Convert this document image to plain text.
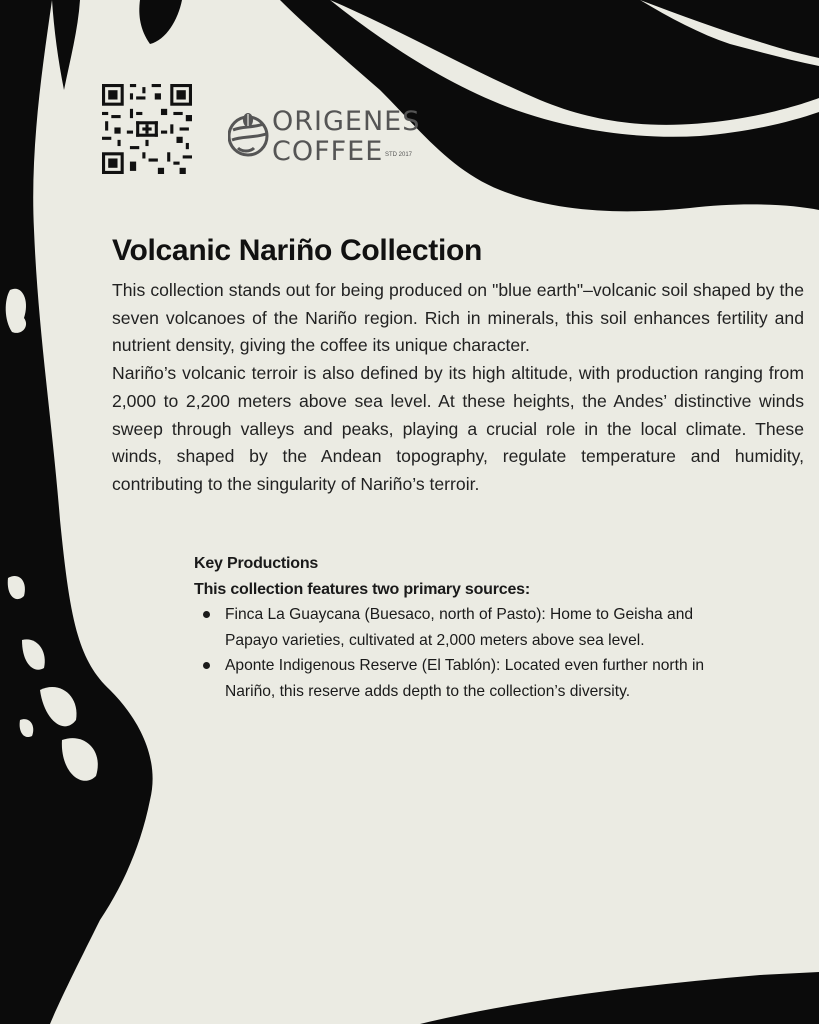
ORIGENES
COFFEE STD 2017
Volcanic Nariño Collection

This collection stands out for being produced on "blue earth"–volcanic soil shaped by the seven volcanoes of the Nariño region. Rich in minerals, this soil enhances fertility and nutrient density, giving the coffee its unique character.

Nariño’s volcanic terroir is also defined by its high altitude, with production ranging from 2,000 to 2,200 meters above sea level. At these heights, the Andes’ distinctive winds sweep through valleys and peaks, playing a crucial role in the local climate. These winds, shaped by the Andean topography, regulate temperature and humidity, contributing to the singularity of Nariño’s terroir.

Key Productions

This collection features two primary sources:

Finca La Guaycana (Buesaco, north of Pasto): Home to Geisha and Papayo varieties, cultivated at 2,000 meters above sea level.
Aponte Indigenous Reserve (El Tablón): Located even further north in Nariño, this reserve adds depth to the collection’s diversity.
